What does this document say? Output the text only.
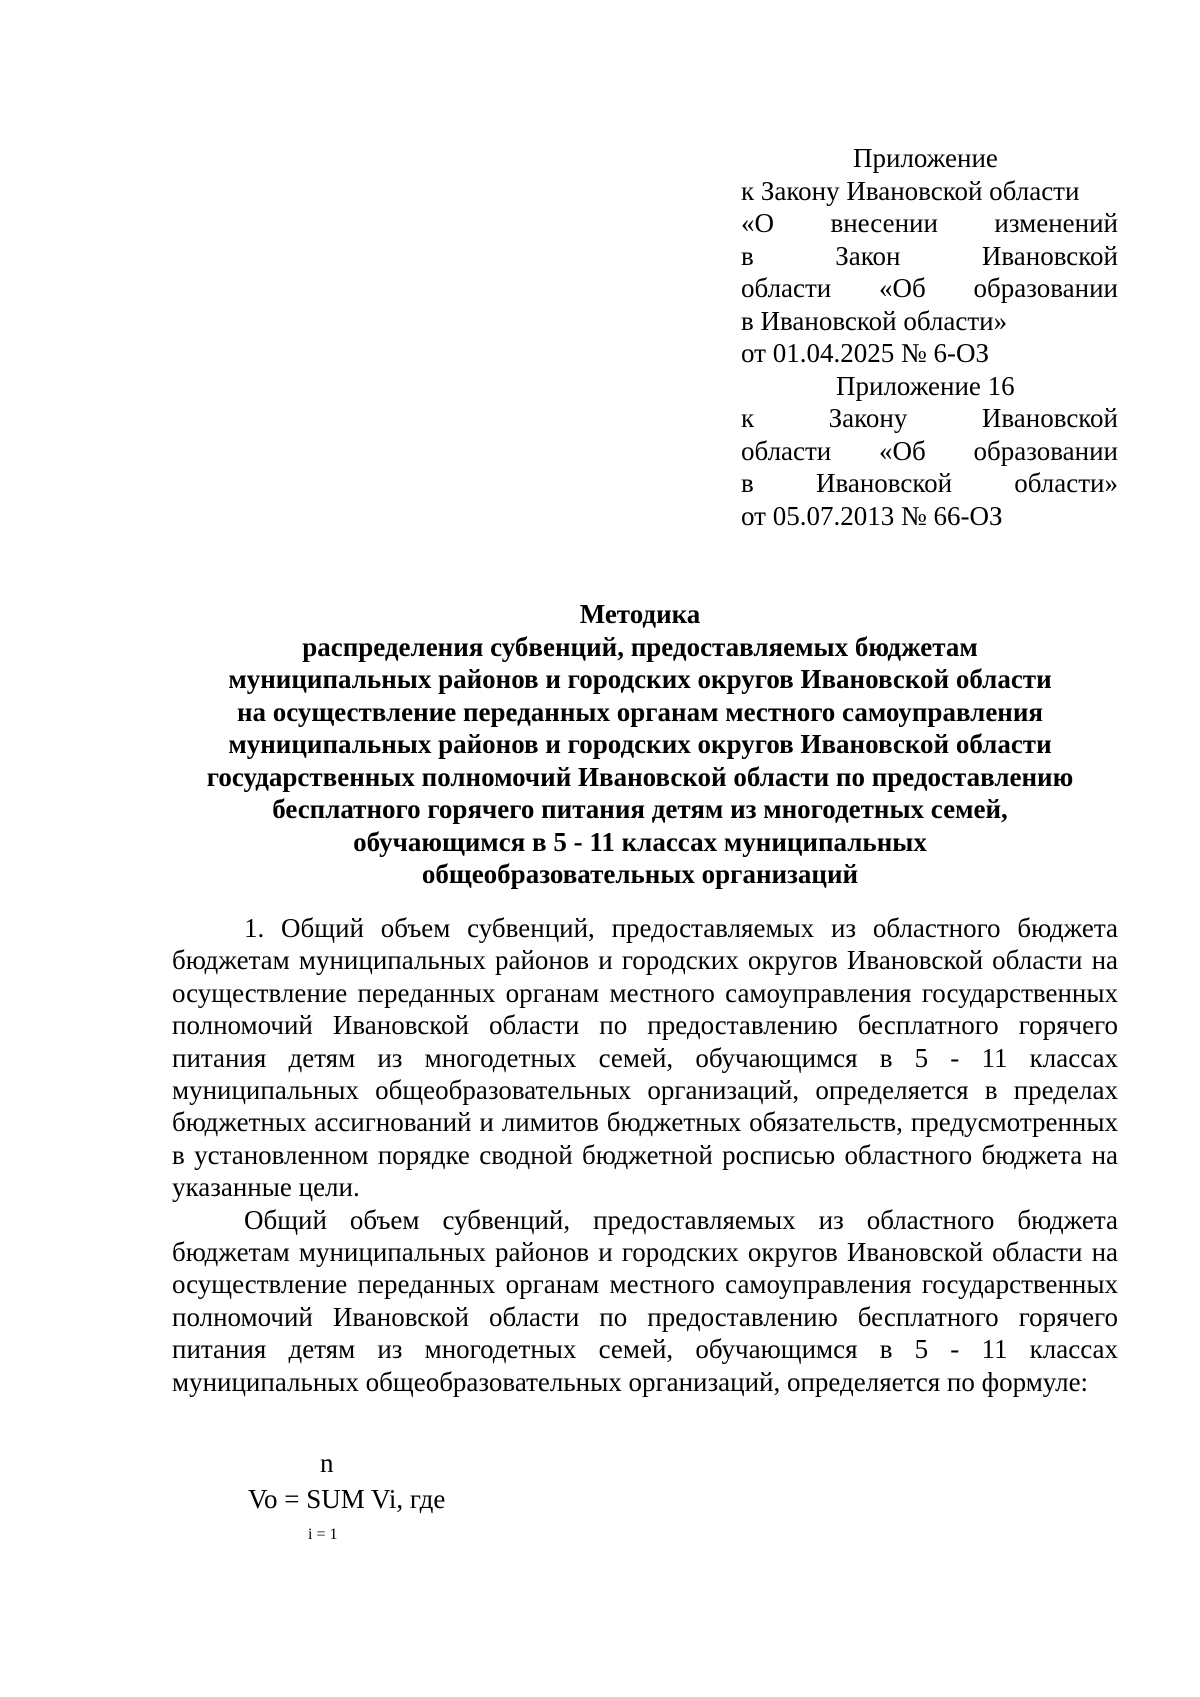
Приложение
к Закону Ивановской области
«О внесении изменений
в Закон Ивановской
области «Об образовании
в Ивановской области»
от 01.04.2025 № 6-ОЗ
Приложение 16
к Закону Ивановской
области «Об образовании
в Ивановской области»
от 05.07.2013 № 66-ОЗ
Методика
распределения субвенций, предоставляемых бюджетам
муниципальных районов и городских округов Ивановской области
на осуществление переданных органам местного самоуправления
муниципальных районов и городских округов Ивановской области
государственных полномочий Ивановской области по предоставлению
бесплатного горячего питания детям из многодетных семей,
обучающимся в 5 - 11 классах муниципальных
общеобразовательных организаций

1. Общий объем субвенций, предоставляемых из областного бюджета бюджетам муниципальных районов и городских округов Ивановской области на осуществление переданных органам местного самоуправления государственных полномочий Ивановской области по предоставлению бесплатного горячего питания детям из многодетных семей, обучающимся в 5 - 11 классах муниципальных общеобразовательных организаций, определяется в пределах бюджетных ассигнований и лимитов бюджетных обязательств, предусмотренных в установленном порядке сводной бюджетной росписью областного бюджета на указанные цели.

Общий объем субвенций, предоставляемых из областного бюджета бюджетам муниципальных районов и городских округов Ивановской области на осуществление переданных органам местного самоуправления государственных полномочий Ивановской области по предоставлению бесплатного горячего питания детям из многодетных семей, обучающимся в 5 - 11 классах муниципальных общеобразовательных организаций, определяется по формуле:

n
Vo = SUM Vi, где
i = 1
